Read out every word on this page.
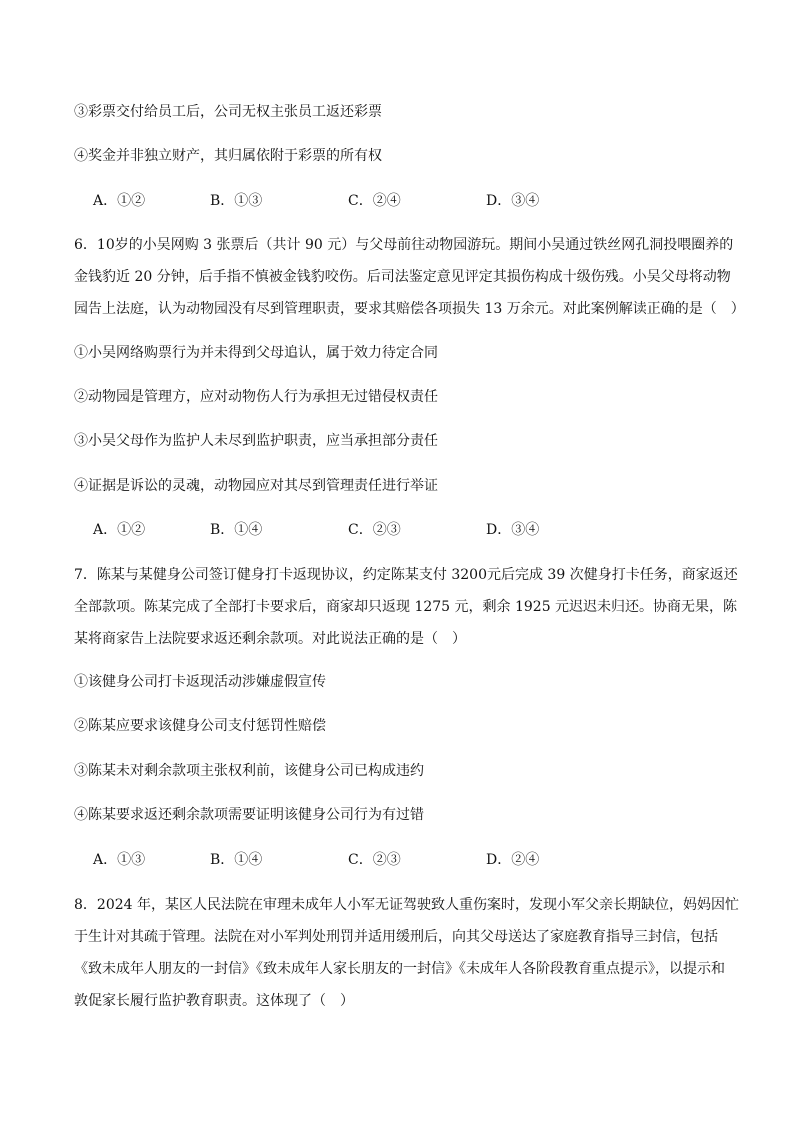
③彩票交付给员工后，公司无权主张员工返还彩票
④奖金并非独立财产，其归属依附于彩票的所有权
A．①②	B．①③	C．②④	D．③④
6．10岁的小吴网购 3 张票后（共计 90 元）与父母前往动物园游玩。期间小吴通过铁丝网孔洞投喂圈养的
金钱豹近 20 分钟，后手指不慎被金钱豹咬伤。后司法鉴定意见评定其损伤构成十级伤残。小吴父母将动物
园告上法庭，认为动物园没有尽到管理职责，要求其赔偿各项损失 13 万余元。对此案例解读正确的是（　）
①小吴网络购票行为并未得到父母追认，属于效力待定合同
②动物园是管理方，应对动物伤人行为承担无过错侵权责任
③小吴父母作为监护人未尽到监护职责，应当承担部分责任
④证据是诉讼的灵魂，动物园应对其尽到管理责任进行举证
A．①②	B．①④	C．②③	D．③④
7．陈某与某健身公司签订健身打卡返现协议，约定陈某支付 3200元后完成 39 次健身打卡任务，商家返还
全部款项。陈某完成了全部打卡要求后，商家却只返现 1275 元，剩余 1925 元迟迟未归还。协商无果，陈
某将商家告上法院要求返还剩余款项。对此说法正确的是（　）
①该健身公司打卡返现活动涉嫌虚假宣传
②陈某应要求该健身公司支付惩罚性赔偿
③陈某未对剩余款项主张权利前，该健身公司已构成违约
④陈某要求返还剩余款项需要证明该健身公司行为有过错
A．①③	B．①④	C．②③	D．②④
8．2024 年，某区人民法院在审理未成年人小军无证驾驶致人重伤案时，发现小军父亲长期缺位，妈妈因忙
于生计对其疏于管理。法院在对小军判处刑罚并适用缓刑后，向其父母送达了家庭教育指导三封信，包括
《致未成年人朋友的一封信》《致未成年人家长朋友的一封信》《未成年人各阶段教育重点提示》，以提示和
敦促家长履行监护教育职责。这体现了（　）
